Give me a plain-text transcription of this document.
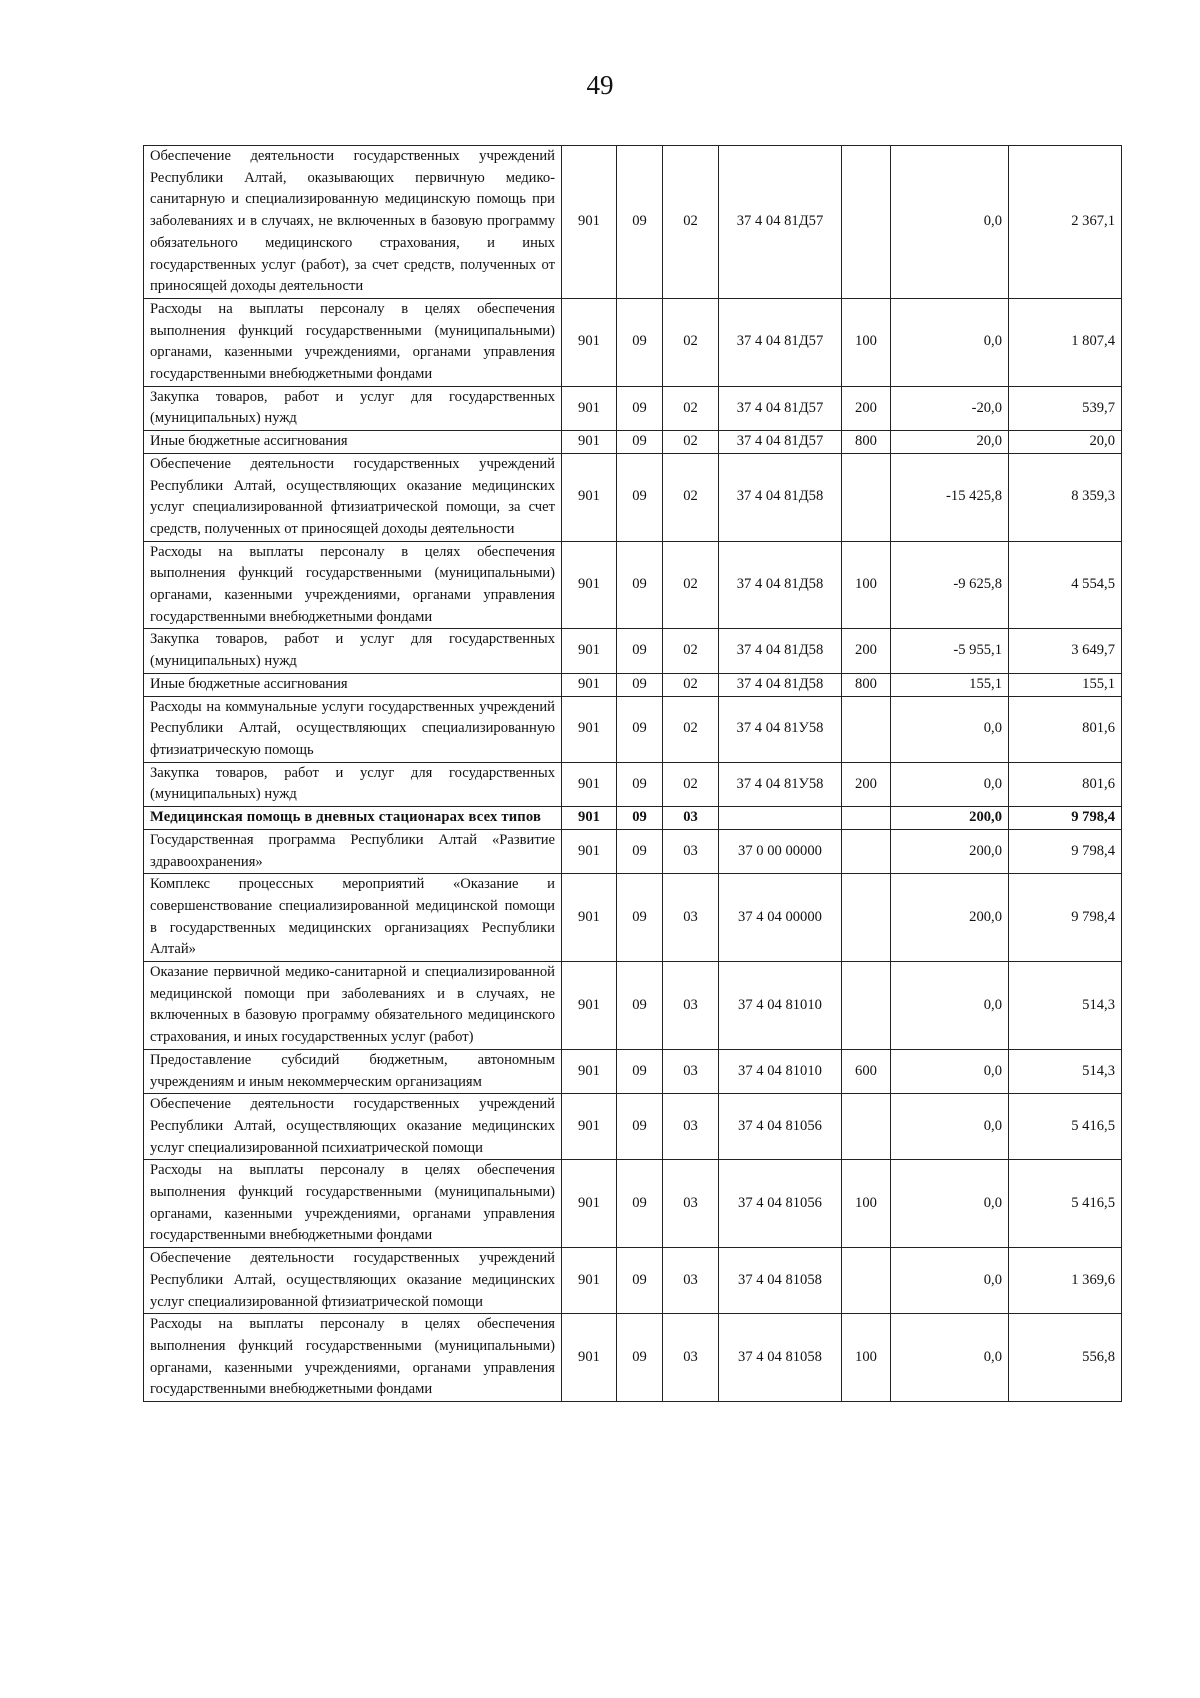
49
Обеспечение деятельности государственных учреждений Республики Алтай, оказывающих первичную медико-санитарную и специализированную медицинскую помощь при заболеваниях и в случаях, не включенных в базовую программу обязательного медицинского страхования, и иных государственных услуг (работ), за счет средств, полученных от приносящей доходы деятельности	901	09	02	37 4 04 81Д57		0,0	2 367,1
Расходы на выплаты персоналу в целях обеспечения выполнения функций государственными (муниципальными) органами, казенными учреждениями, органами управления государственными внебюджетными фондами	901	09	02	37 4 04 81Д57	100	0,0	1 807,4
Закупка товаров, работ и услуг для государственных (муниципальных) нужд	901	09	02	37 4 04 81Д57	200	-20,0	539,7
Иные бюджетные ассигнования	901	09	02	37 4 04 81Д57	800	20,0	20,0
Обеспечение деятельности государственных учреждений Республики Алтай, осуществляющих оказание медицинских услуг специализированной фтизиатрической помощи, за счет средств, полученных от приносящей доходы деятельности	901	09	02	37 4 04 81Д58		-15 425,8	8 359,3
Расходы на выплаты персоналу в целях обеспечения выполнения функций государственными (муниципальными) органами, казенными учреждениями, органами управления государственными внебюджетными фондами	901	09	02	37 4 04 81Д58	100	-9 625,8	4 554,5
Закупка товаров, работ и услуг для государственных (муниципальных) нужд	901	09	02	37 4 04 81Д58	200	-5 955,1	3 649,7
Иные бюджетные ассигнования	901	09	02	37 4 04 81Д58	800	155,1	155,1
Расходы на коммунальные услуги государственных учреждений Республики Алтай, осуществляющих специализированную фтизиатрическую помощь	901	09	02	37 4 04 81У58		0,0	801,6
Закупка товаров, работ и услуг для государственных (муниципальных) нужд	901	09	02	37 4 04 81У58	200	0,0	801,6
Медицинская помощь в дневных стационарах всех типов	901	09	03			200,0	9 798,4
Государственная программа Республики Алтай «Развитие здравоохранения»	901	09	03	37 0 00 00000		200,0	9 798,4
Комплекс процессных мероприятий «Оказание и совершенствование специализированной медицинской помощи в государственных медицинских организациях Республики Алтай»	901	09	03	37 4 04 00000		200,0	9 798,4
Оказание первичной медико-санитарной и специализированной медицинской помощи при заболеваниях и в случаях, не включенных в базовую программу обязательного медицинского страхования, и иных государственных услуг (работ)	901	09	03	37 4 04 81010		0,0	514,3
Предоставление субсидий бюджетным, автономным учреждениям и иным некоммерческим организациям	901	09	03	37 4 04 81010	600	0,0	514,3
Обеспечение деятельности государственных учреждений Республики Алтай, осуществляющих оказание медицинских услуг специализированной психиатрической помощи	901	09	03	37 4 04 81056		0,0	5 416,5
Расходы на выплаты персоналу в целях обеспечения выполнения функций государственными (муниципальными) органами, казенными учреждениями, органами управления государственными внебюджетными фондами	901	09	03	37 4 04 81056	100	0,0	5 416,5
Обеспечение деятельности государственных учреждений Республики Алтай, осуществляющих оказание медицинских услуг специализированной фтизиатрической помощи	901	09	03	37 4 04 81058		0,0	1 369,6
Расходы на выплаты персоналу в целях обеспечения выполнения функций государственными (муниципальными) органами, казенными учреждениями, органами управления государственными внебюджетными фондами	901	09	03	37 4 04 81058	100	0,0	556,8
